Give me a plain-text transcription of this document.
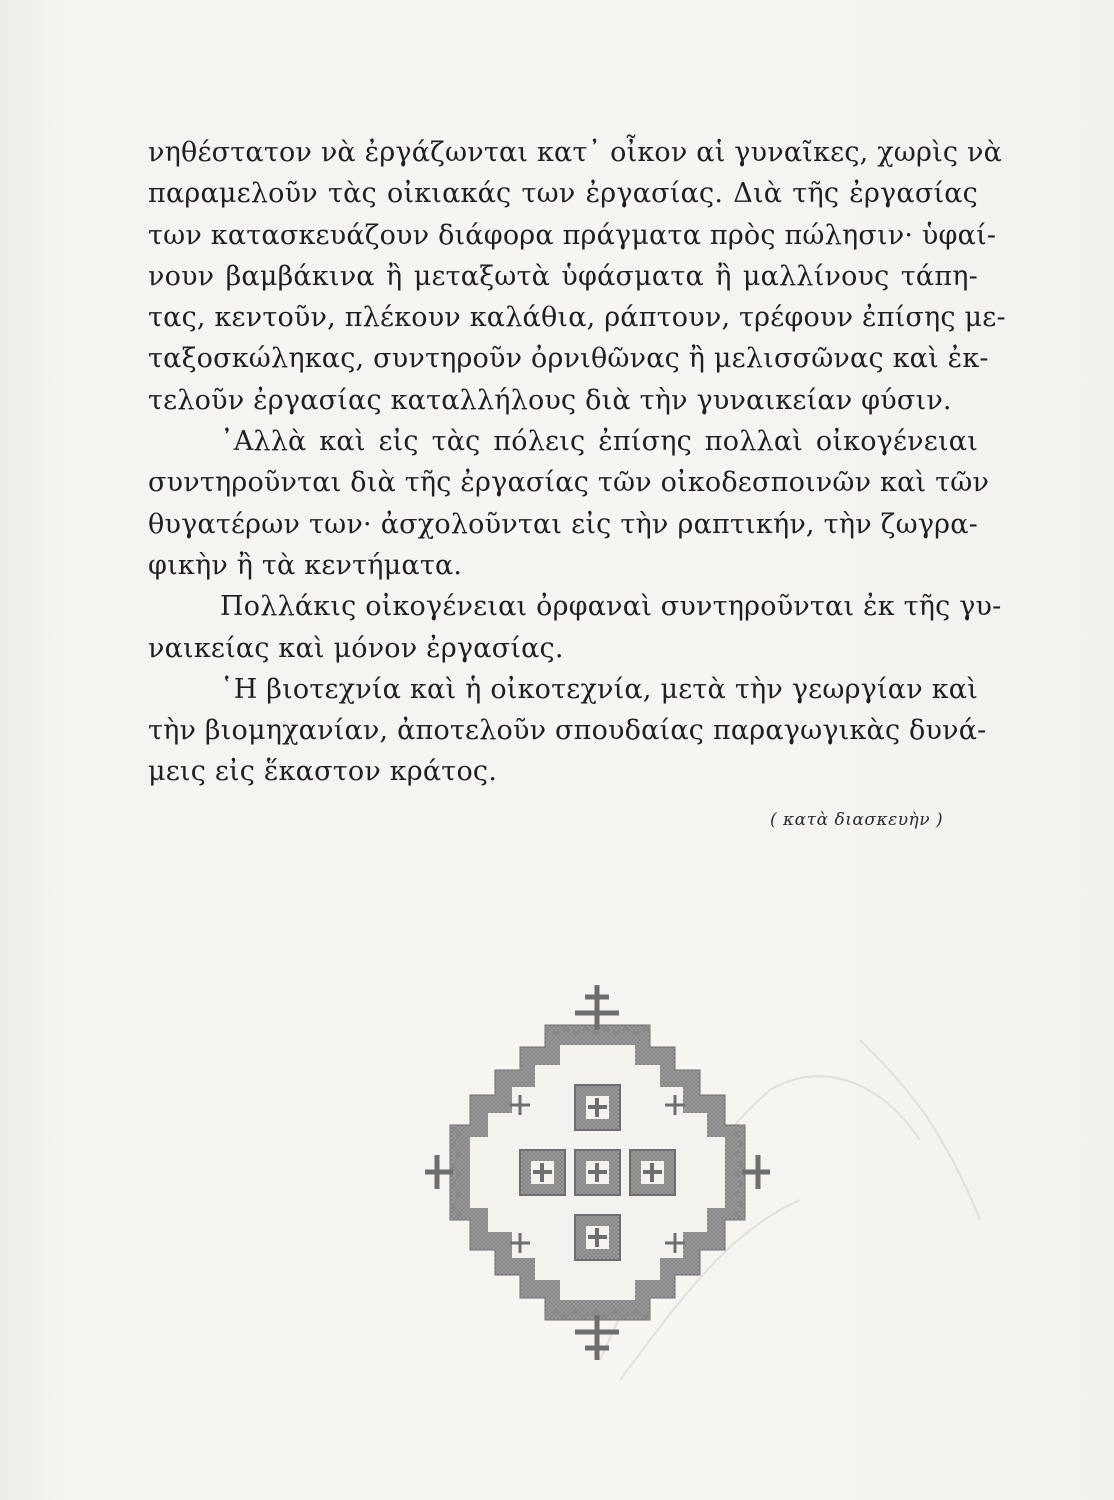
νηθέστατον νὰ ἐργάζωνται κατ᾽ οἶκον αἱ γυναῖκες, χωρὶς νὰ
παραμελοῦν τὰς οἰκιακάς των ἐργασίας. Διὰ τῆς ἐργασίας
των κατασκευάζουν διάφορα πράγματα πρὸς πώλησιν· ὑφαί-
νουν βαμβάκινα ἢ μεταξωτὰ ὑφάσματα ἢ μαλλίνους τάπη-
τας, κεντοῦν, πλέκουν καλάθια, ράπτουν, τρέφουν ἐπίσης με-
ταξοσκώληκας, συντηροῦν ὀρνιθῶνας ἢ μελισσῶνας καὶ ἐκ-
τελοῦν ἐργασίας καταλλήλους διὰ τὴν γυναικείαν φύσιν.
᾽Αλλὰ καὶ εἰς τὰς πόλεις ἐπίσης πολλαὶ οἰκογένειαι
συντηροῦνται διὰ τῆς ἐργασίας τῶν οἰκοδεσποινῶν καὶ τῶν
θυγατέρων των· ἀσχολοῦνται εἰς τὴν ραπτικήν, τὴν ζωγρα-
φικὴν ἢ τὰ κεντήματα.
Πολλάκις οἰκογένειαι ὀρφαναὶ συντηροῦνται ἐκ τῆς γυ-
ναικείας καὶ μόνον ἐργασίας.
῾Η βιοτεχνία καὶ ἡ οἰκοτεχνία, μετὰ τὴν γεωργίαν καὶ
τὴν βιομηχανίαν, ἀποτελοῦν σπουδαίας παραγωγικὰς δυνά-
μεις εἰς ἕκαστον κράτος.
( κατὰ διασκευὴν )
